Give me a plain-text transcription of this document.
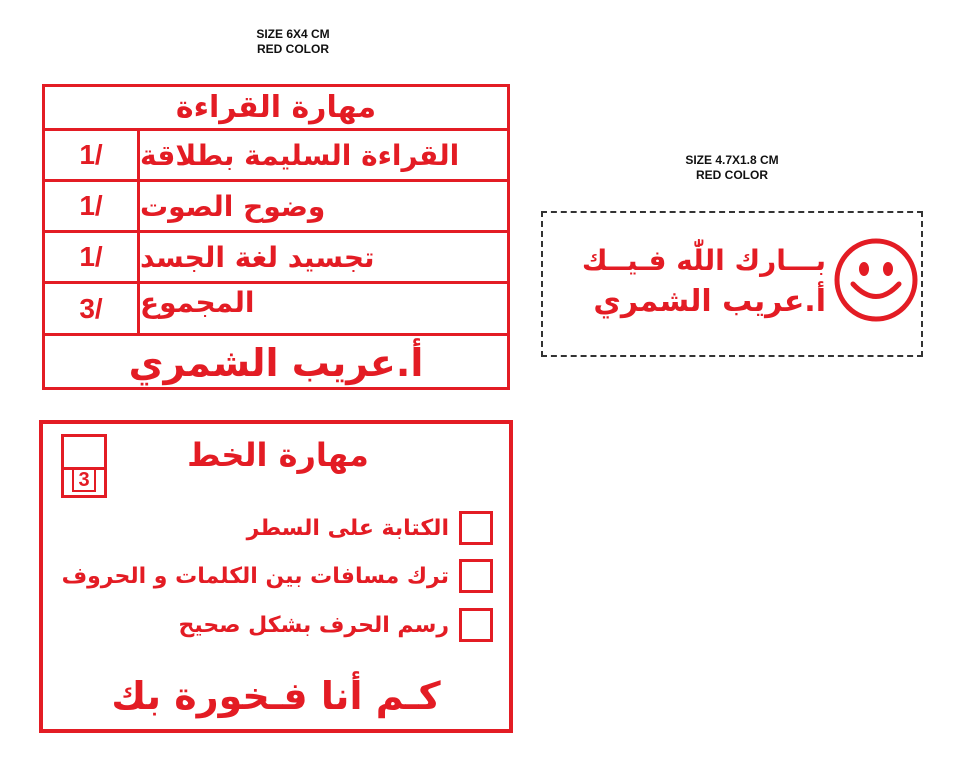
SIZE 6X4 CM
RED COLOR
SIZE 4.7X1.8 CM
RED COLOR
مهارة القراءة
1/	القراءة السليمة بطلاقة
1/	وضوح الصوت
1/	تجسيد لغة الجسد
3/	المجموع
أ.عريب الشمري
3
مهارة الخط
الكتابة على السطر
ترك مسافات بين الكلمات و الحروف
رسم الحرف بشكل صحيح
كـم أنا فـخورة بك
بـــارك اللّٰه فـيــك
أ.عريب الشمري
